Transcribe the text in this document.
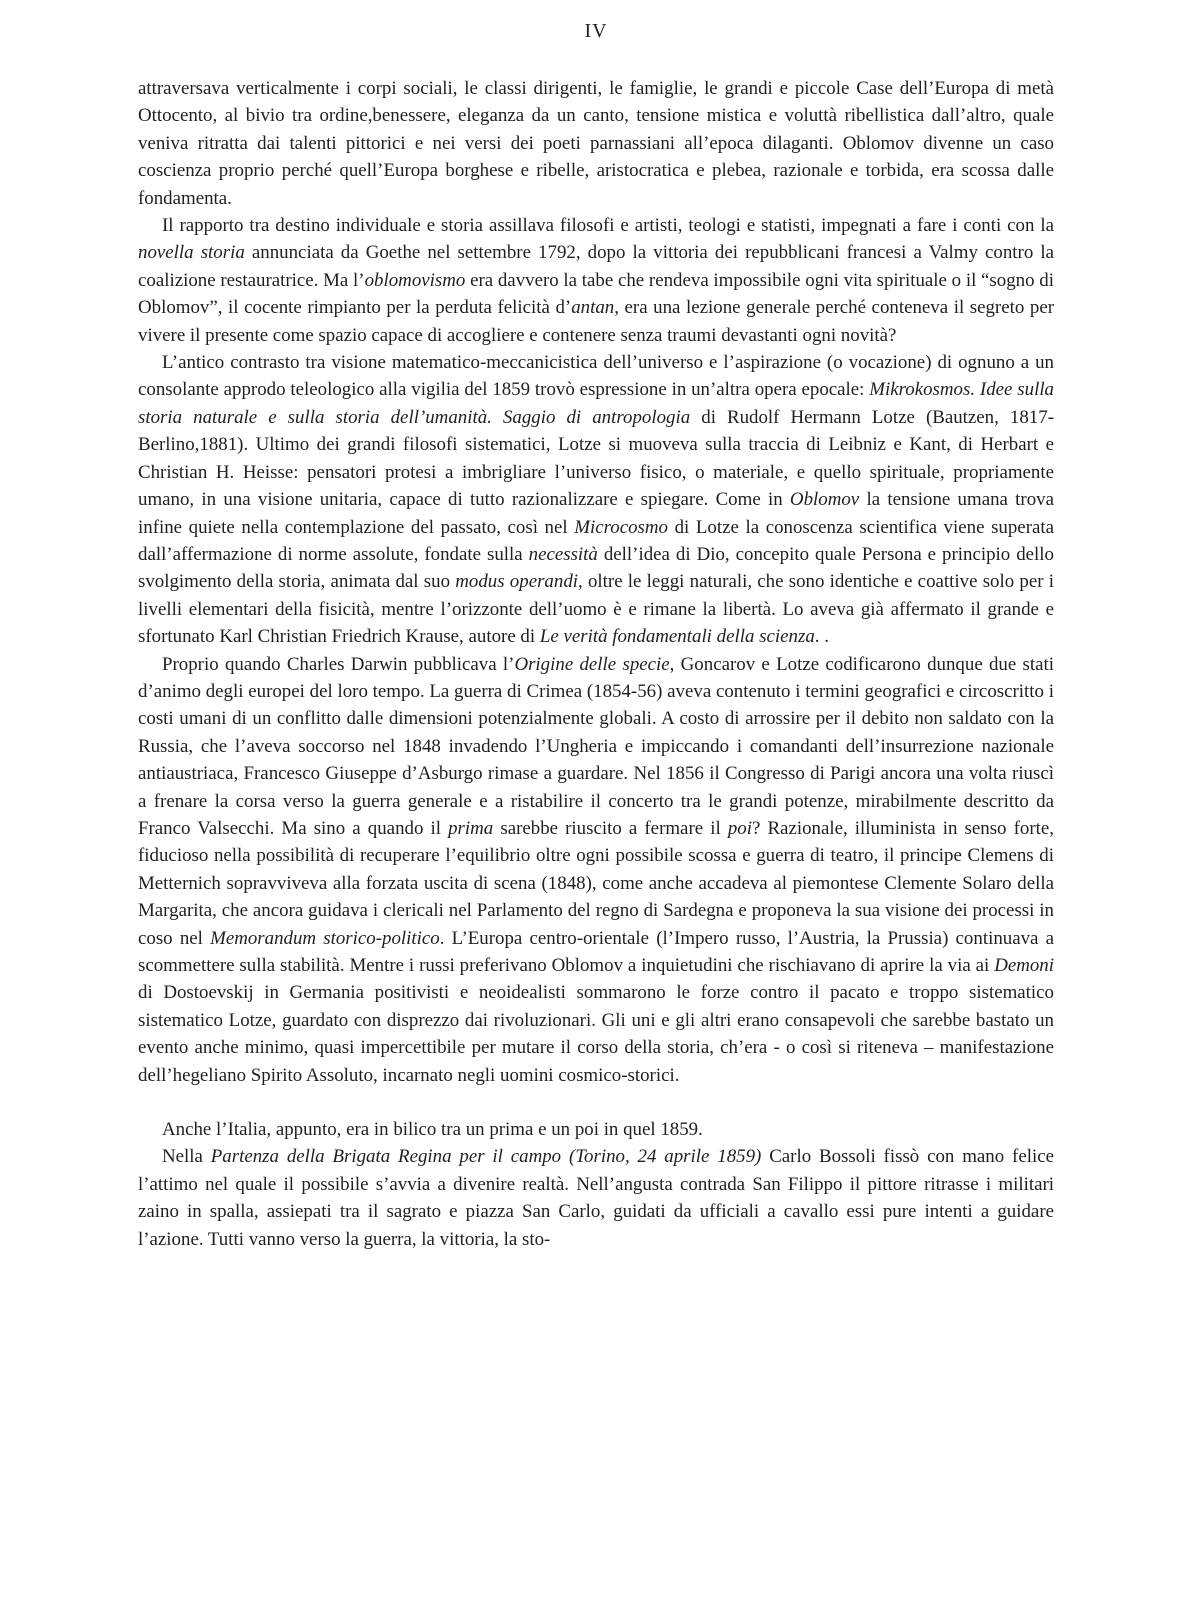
IV

attraversava verticalmente i corpi sociali, le classi dirigenti, le famiglie, le grandi e piccole Case dell’Europa di metà Ottocento, al bivio tra ordine,benessere, eleganza da un canto, tensione mistica e voluttà ribellistica dall’altro, quale veniva ritratta dai talenti pittorici e nei versi dei poeti parnassiani all’epoca dilaganti. Oblomov divenne un caso coscienza proprio perché quell’Europa borghese e ribelle, aristocratica e plebea, razionale e torbida, era scossa dalle fondamenta.

Il rapporto tra destino individuale e storia assillava filosofi e artisti, teologi e statisti, impegnati a fare i conti con la novella storia annunciata da Goethe nel settembre 1792, dopo la vittoria dei repubblicani francesi a Valmy contro la coalizione restauratrice. Ma l’oblomovismo era davvero la tabe che rendeva impossibile ogni vita spirituale o il “sogno di Oblomov”, il cocente rimpianto per la perduta felicità d’antan, era una lezione generale perché conteneva il segreto per vivere il presente come spazio capace di accogliere e contenere senza traumi devastanti ogni novità?

L’antico contrasto tra visione matematico-meccanicistica dell’universo e l’aspirazione (o vocazione) di ognuno a un consolante approdo teleologico alla vigilia del 1859 trovò espressione in un’altra opera epocale: Mikrokosmos. Idee sulla storia naturale e sulla storia dell’umanità. Saggio di antropologia di Rudolf Hermann Lotze (Bautzen, 1817- Berlino,1881). Ultimo dei grandi filosofi sistematici, Lotze si muoveva sulla traccia di Leibniz e Kant, di Herbart e Christian H. Heisse: pensatori protesi a imbrigliare l’universo fisico, o materiale, e quello spirituale, propriamente umano, in una visione unitaria, capace di tutto razionalizzare e spiegare. Come in Oblomov la tensione umana trova infine quiete nella contemplazione del passato, così nel Microcosmo di Lotze la conoscenza scientifica viene superata dall’affermazione di norme assolute, fondate sulla necessità dell’idea di Dio, concepito quale Persona e principio dello svolgimento della storia, animata dal suo modus operandi, oltre le leggi naturali, che sono identiche e coattive solo per i livelli elementari della fisicità, mentre l’orizzonte dell’uomo è e rimane la libertà. Lo aveva già affermato il grande e sfortunato Karl Christian Friedrich Krause, autore di Le verità fondamentali della scienza. .

Proprio quando Charles Darwin pubblicava l’Origine delle specie, Goncarov e Lotze codificarono dunque due stati d’animo degli europei del loro tempo. La guerra di Crimea (1854-56) aveva contenuto i termini geografici e circoscritto i costi umani di un conflitto dalle dimensioni potenzialmente globali. A costo di arrossire per il debito non saldato con la Russia, che l’aveva soccorso nel 1848 invadendo l’Ungheria e impiccando i comandanti dell’insurrezione nazionale antiaustriaca, Francesco Giuseppe d’Asburgo rimase a guardare. Nel 1856 il Congresso di Parigi ancora una volta riuscì a frenare la corsa verso la guerra generale e a ristabilire il concerto tra le grandi potenze, mirabilmente descritto da Franco Valsecchi. Ma sino a quando il prima sarebbe riuscito a fermare il poi? Razionale, illuminista in senso forte, fiducioso nella possibilità di recuperare l’equilibrio oltre ogni possibile scossa e guerra di teatro, il principe Clemens di Metternich sopravviveva alla forzata uscita di scena (1848), come anche accadeva al piemontese Clemente Solaro della Margarita, che ancora guidava i clericali nel Parlamento del regno di Sardegna e proponeva la sua visione dei processi in coso nel Memorandum storico-politico. L’Europa centro-orientale (l’Impero russo, l’Austria, la Prussia) continuava a scommettere sulla stabilità. Mentre i russi preferivano Oblomov a inquietudini che rischiavano di aprire la via ai Demoni di Dostoevskij in Germania positivisti e neoidealisti sommarono le forze contro il pacato e troppo sistematico sistematico Lotze, guardato con disprezzo dai rivoluzionari. Gli uni e gli altri erano consapevoli che sarebbe bastato un evento anche minimo, quasi impercettibile per mutare il corso della storia, ch’era - o così si riteneva – manifestazione dell’hegeliano Spirito Assoluto, incarnato negli uomini cosmico-storici.

Anche l’Italia, appunto, era in bilico tra un prima e un poi in quel 1859.

Nella Partenza della Brigata Regina per il campo (Torino, 24 aprile 1859) Carlo Bossoli fissò con mano felice l’attimo nel quale il possibile s’avvia a divenire realtà. Nell’angusta contrada San Filippo il pittore ritrasse i militari zaino in spalla, assiepati tra il sagrato e piazza San Carlo, guidati da ufficiali a cavallo essi pure intenti a guidare l’azione. Tutti vanno verso la guerra, la vittoria, la sto-
